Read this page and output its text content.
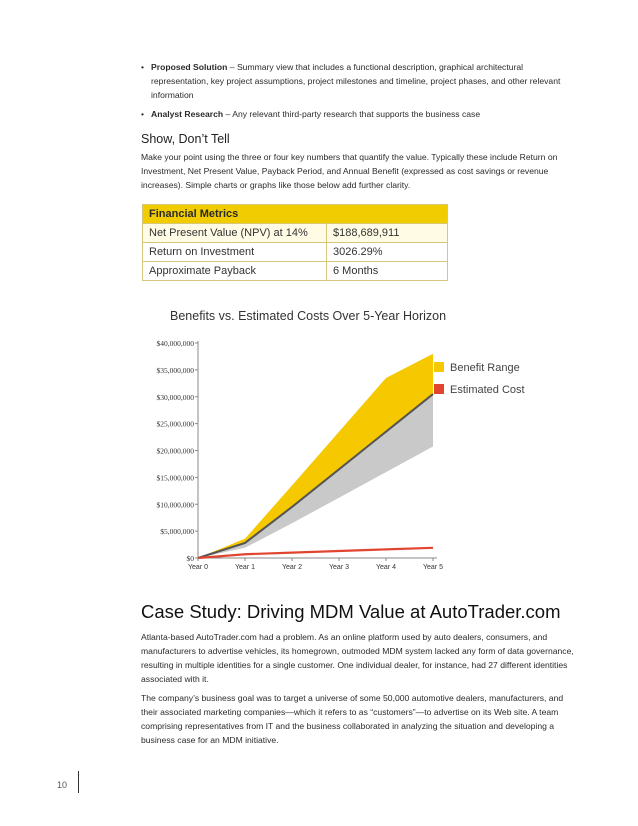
• Proposed Solution – Summary view that includes a functional description, graphical architectural representation, key project assumptions, project milestones and timeline, project phases, and other relevant information
• Analyst Research – Any relevant third-party research that supports the business case
Show, Don’t Tell
Make your point using the three or four key numbers that quantify the value. Typically these include Return on Investment, Net Present Value, Payback Period, and Annual Benefit (expressed as cost savings or revenue increases). Simple charts or graphs like those below add further clarity.
Financial Metrics	
Net Present Value (NPV) at 14%	$188,689,911
Return on Investment	3026.29%
Approximate Payback	6 Months
Benefits vs. Estimated Costs Over 5-Year Horizon
$0
$5,000,000
$10,000,000
$15,000,000
$20,000,000
$25,000,000
$30,000,000
$35,000,000
$40,000,000
Year 0	Year 1	Year 2	Year 3	Year 4	Year 5
Benefit Range
Estimated Cost
Case Study: Driving MDM Value at AutoTrader.com
Atlanta-based AutoTrader.com had a problem. As an online platform used by auto dealers, consumers, and manufacturers to advertise vehicles, its homegrown, outmoded MDM system lacked any form of data governance, resulting in multiple identities for a single customer. One individual dealer, for instance, had 27 different identities associated with it.
The company’s business goal was to target a universe of some 50,000 automotive dealers, manufacturers, and their associated marketing companies—which it refers to as “customers”—to advertise on its Web site. A team comprising representatives from IT and the business collaborated in analyzing the situation and developing a business case for an MDM initiative.
10
